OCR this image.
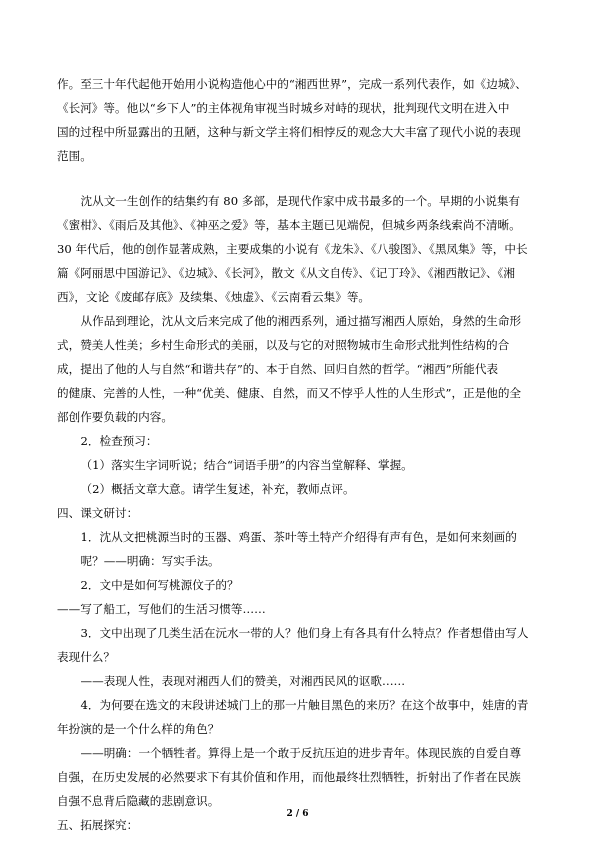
作。至三十年代起他开始用小说构造他心中的“湘西世界”，完成一系列代表作，如《边城》、
《长河》等。他以“乡下人”的主体视角审视当时城乡对峙的现状，批判现代文明在进入中
国的过程中所显露出的丑陋，这种与新文学主将们相悖反的观念大大丰富了现代小说的表现
范围。
沈从文一生创作的结集约有 80 多部，是现代作家中成书最多的一个。早期的小说集有
《蜜柑》、《雨后及其他》、《神巫之爱》等，基本主题已见端倪，但城乡两条线索尚不清晰。
30 年代后，他的创作显著成熟，主要成集的小说有《龙朱》、《八骏图》、《黑凤集》等，中长
篇《阿丽思中国游记》、《边城》、《长河》，散文《从文自传》、《记丁玲》、《湘西散记》、《湘
西》，文论《废邮存底》及续集、《烛虚》、《云南看云集》等。
从作品到理论，沈从文后来完成了他的湘西系列，通过描写湘西人原始，身然的生命形
式，赞美人性美；乡村生命形式的美丽，以及与它的对照物城市生命形式批判性结构的合
成，提出了他的人与自然“和谐共存”的、本于自然、回归自然的哲学。“湘西”所能代表
的健康、完善的人性，一种“优美、健康、自然，而又不悖乎人性的人生形式”，正是他的全
部创作要负载的内容。
2．检查预习：
（1）落实生字词听说；结合“词语手册”的内容当堂解释、掌握。
（2）概括文章大意。请学生复述，补充，教师点评。
四、课文研讨：
1．沈从文把桃源当时的玉器、鸡蛋、茶叶等土特产介绍得有声有色，是如何来刻画的
呢？——明确：写实手法。
2．文中是如何写桃源伩子的？
——写了船工，写他们的生活习惯等……
3．文中出现了几类生活在沅水一带的人？他们身上有各具有什么特点？作者想借由写人
表现什么？
——表现人性，表现对湘西人们的赞美，对湘西民风的讴歌……
4．为何要在选文的末段讲述城门上的那一片触目黑色的来历？在这个故事中，娃唐的青
年扮演的是一个什么样的角色？
——明确：一个牺牲者。算得上是一个敢于反抗压迫的进步青年。体现民族的自爱自尊
自强，在历史发展的必然要求下有其价值和作用，而他最终壮烈牺牲，折射出了作者在民族
自强不息背后隐藏的悲剧意识。
五、拓展探究：
2 / 6
